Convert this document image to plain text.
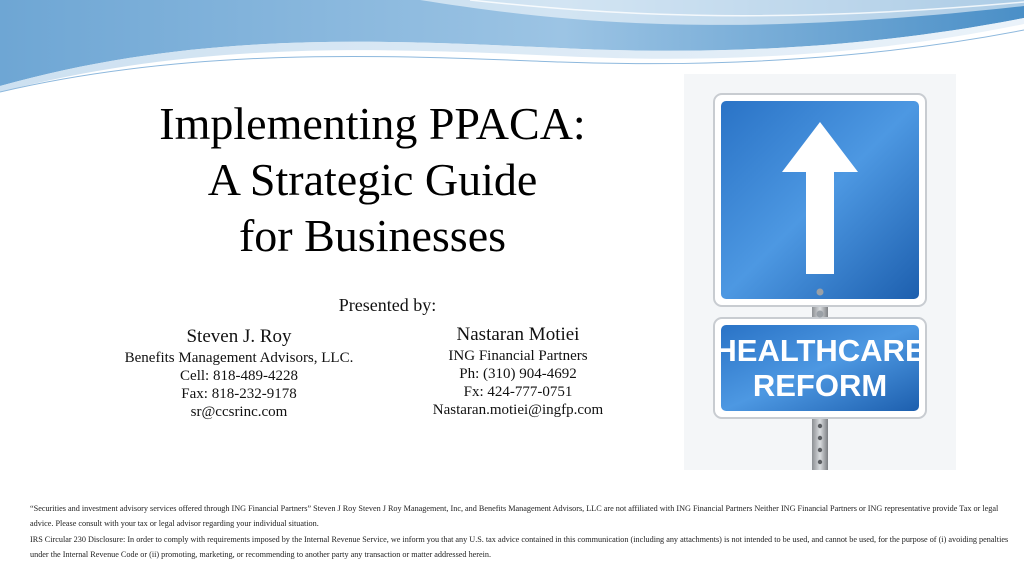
Implementing PPACA:
A Strategic Guide
for Businesses
Presented by:
Steven J. Roy
Benefits Management Advisors, LLC.
Cell: 818-489-4228
Fax: 818-232-9178
sr@ccsrinc.com
Nastaran Motiei
ING Financial Partners
Ph: (310) 904-4692
Fx: 424-777-0751
Nastaran.motiei@ingfp.com
HEALTHCARE
REFORM

“Securities and investment advisory services offered through ING Financial Partners” Steven J Roy Steven J Roy Management, Inc, and Benefits Management Advisors, LLC are not affiliated with ING Financial Partners Neither ING Financial Partners or ING representative provide Tax or legal advice. Please consult with your tax or legal advisor regarding your individual situation.

IRS Circular 230 Disclosure: In order to comply with requirements imposed by the Internal Revenue Service, we inform you that any U.S. tax advice contained in this communication (including any attachments) is not intended to be used, and cannot be used, for the purpose of (i) avoiding penalties under the Internal Revenue Code or (ii) promoting, marketing, or recommending to another party any transaction or matter addressed herein.
